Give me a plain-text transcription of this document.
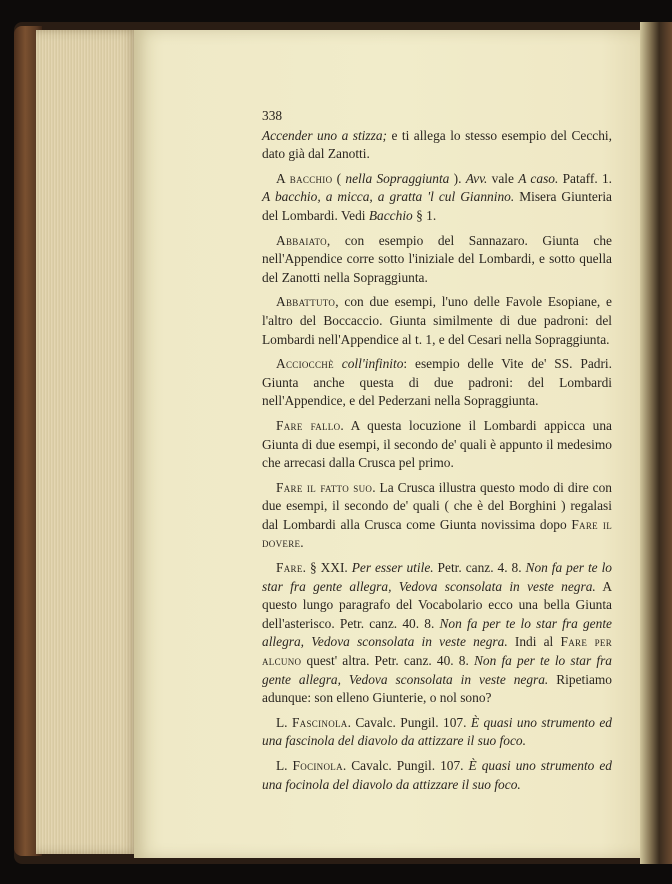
338

Accender uno a stizza; e ti allega lo stesso esempio del Cecchi, dato già dal Zanotti.

A bacchio ( nella Sopraggiunta ). Avv. vale A caso. Pataff. 1. A bacchio, a micca, a gratta 'l cul Giannino. Misera Giunteria del Lombardi. Vedi Bacchio § 1.

Abbaiato, con esempio del Sannazaro. Giunta che nell'Appendice corre sotto l'iniziale del Lombardi, e sotto quella del Zanotti nella Sopraggiunta.

Abbattuto, con due esempi, l'uno delle Favole Esopiane, e l'altro del Boccaccio. Giunta similmente di due padroni: del Lombardi nell'Appendice al t. 1, e del Cesari nella Sopraggiunta.

Acciocchè coll'infinito: esempio delle Vite de' SS. Padri. Giunta anche questa di due padroni: del Lombardi nell'Appendice, e del Pederzani nella Sopraggiunta.

Fare fallo. A questa locuzione il Lombardi appicca una Giunta di due esempi, il secondo de' quali è appunto il medesimo che arrecasi dalla Crusca pel primo.

Fare il fatto suo. La Crusca illustra questo modo di dire con due esempi, il secondo de' quali ( che è del Borghini ) regalasi dal Lombardi alla Crusca come Giunta novissima dopo Fare il dovere.

Fare. § XXI. Per esser utile. Petr. canz. 4. 8. Non fa per te lo star fra gente allegra, Vedova sconsolata in veste negra. A questo lungo paragrafo del Vocabolario ecco una bella Giunta dell'asterisco. Petr. canz. 40. 8. Non fa per te lo star fra gente allegra, Vedova sconsolata in veste negra. Indi al Fare per alcuno quest' altra. Petr. canz. 40. 8. Non fa per te lo star fra gente allegra, Vedova sconsolata in veste negra. Ripetiamo adunque: son elleno Giunterie, o nol sono?

L. Fascinola. Cavalc. Pungil. 107. È quasi uno strumento ed una fascinola del diavolo da attizzare il suo foco.

L. Focinola. Cavalc. Pungil. 107. È quasi uno strumento ed una focinola del diavolo da attizzare il suo foco.
